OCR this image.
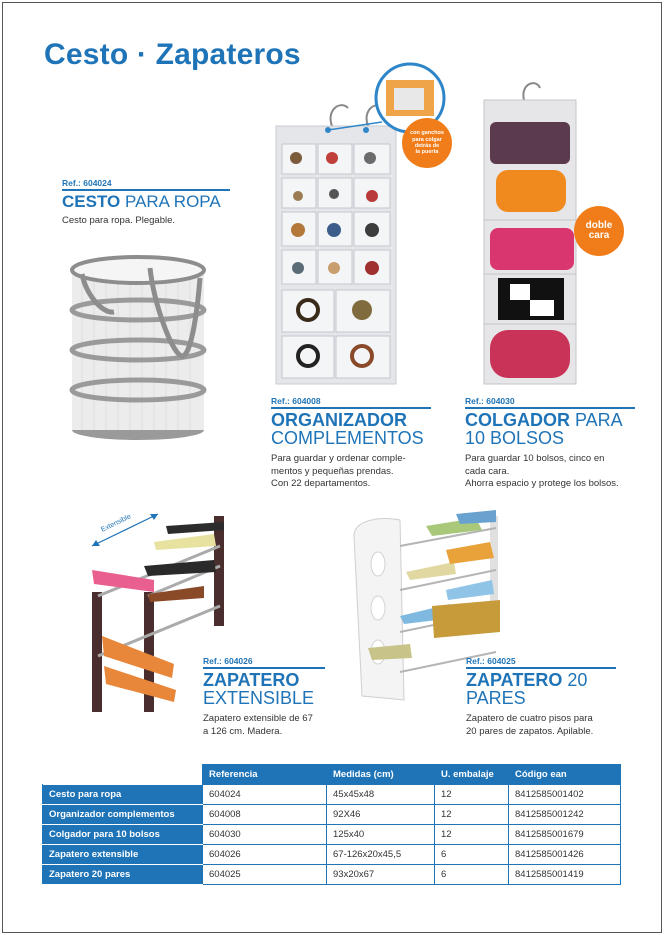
Cesto · Zapateros
Ref.: 604024
CESTO PARA ROPA
Cesto para ropa. Plegable.
con ganchos
para colgar
detrás de
la puerta
Ref.: 604008
ORGANIZADOR
COMPLEMENTOS
Para guardar y ordenar comple-
mentos y pequeñas prendas.
Con 22 departamentos.
doble
cara
Ref.: 604030
COLGADOR PARA
10 BOLSOS
Para guardar 10 bolsos, cinco en
cada cara.
Ahorra espacio y protege los bolsos.
Extensible
Ref.: 604026
ZAPATERO
EXTENSIBLE
Zapatero extensible de 67
a 126 cm. Madera.
Ref.: 604025
ZAPATERO 20
PARES
Zapatero de cuatro pisos para
20 pares de zapatos. Apilable.
	Referencia	Medidas (cm)	U. embalaje	Código ean
Cesto para ropa	604024	45x45x48	12	8412585001402
Organizador complementos	604008	92X46	12	8412585001242
Colgador para 10 bolsos	604030	125x40	12	8412585001679
Zapatero extensible	604026	67-126x20x45,5	6	8412585001426
Zapatero 20 pares	604025	93x20x67	6	8412585001419
